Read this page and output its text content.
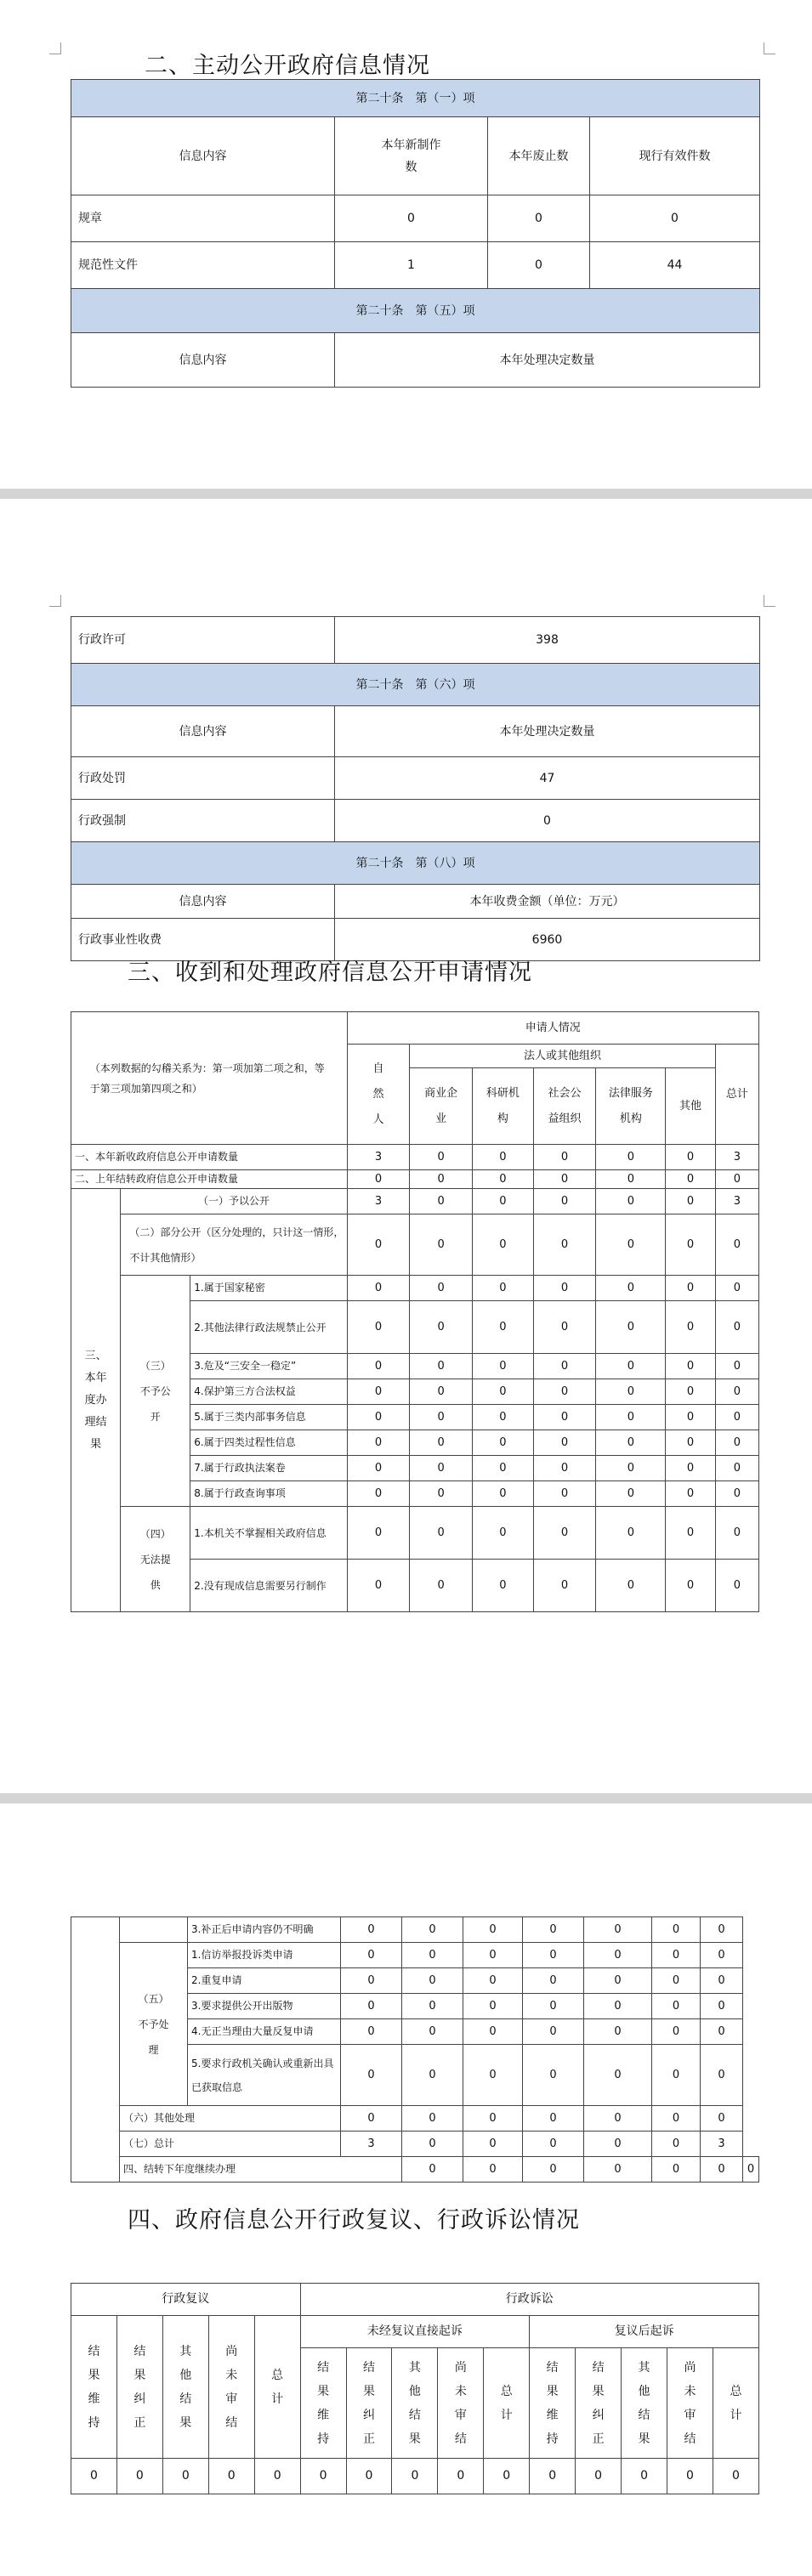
二、主动公开政府信息情况
第二十条　第（一）项			
信息内容	本年新制作数	本年废止数	现行有效件数
规章	0	0	0
规范性文件	1	0	44
第二十条　第（五）项			
信息内容	本年处理决定数量		
行政许可	398
第二十条　第（六）项	
信息内容	本年处理决定数量
行政处罚	47
行政强制	0
第二十条　第（八）项	
信息内容	本年收费金额（单位：万元）
行政事业性收费	6960
三、收到和处理政府信息公开申请情况
（本列数据的勾稽关系为：第一项加第二项之和，等于第三项加第四项之和）			申请人情况						

			自然人	法人或其他组织					总计

				商业企业	科研机构	社会公益组织	法律服务机构	其他	
一、本年新收政府信息公开申请数量			3	0	0	0	0	0	3
二、上年结转政府信息公开申请数量			0	0	0	0	0	0	0

三、本年度办理结果	（一）予以公开		3	0	0	0	0	0	3

	（二）部分公开（区分处理的，只计这一情形，不计其他情形）		0	0	0	0	0	0	0

	（三）不予公开	1.属于国家秘密	0	0	0	0	0	0	0

		2.其他法律行政法规禁止公开	0	0	0	0	0	0	0
		3.危及“三安全一稳定”	0	0	0	0	0	0	0
		4.保护第三方合法权益	0	0	0	0	0	0	0
		5.属于三类内部事务信息	0	0	0	0	0	0	0
		6.属于四类过程性信息	0	0	0	0	0	0	0
		7.属于行政执法案卷	0	0	0	0	0	0	0
		8.属于行政查询事项	0	0	0	0	0	0	0

	（四）无法提供	1.本机关不掌握相关政府信息	0	0	0	0	0	0	0

		2.没有现成信息需要另行制作	0	0	0	0	0	0	0
		3.补正后申请内容仍不明确	0	0	0	0	0	0	0	

	（五）不予处理	1.信访举报投诉类申请	0	0	0	0	0	0	0	
		2.重复申请	0	0	0	0	0	0	0	
		3.要求提供公开出版物	0	0	0	0	0	0	0	
		4.无正当理由大量反复申请	0	0	0	0	0	0	0	

		5.要求行政机关确认或重新出具已获取信息	0	0	0	0	0	0	0	
	（六）其他处理		0	0	0	0	0	0	0	
	（七）总计		3	0	0	0	0	0	3	
	四、结转下年度继续办理			0	0	0	0	0	0	0
四、政府信息公开行政复议、行政诉讼情况
行政复议					行政诉讼									

结果维持	结果纠正	其他结果	尚未审结	总计	未经复议直接起诉					复议后起诉				

					结果维持	结果纠正	其他结果	尚未审结	总计	结果维持	结果纠正	其他结果	尚未审结	总计

0	0	0	0	0	0	0	0	0	0	0	0	0	0	0
